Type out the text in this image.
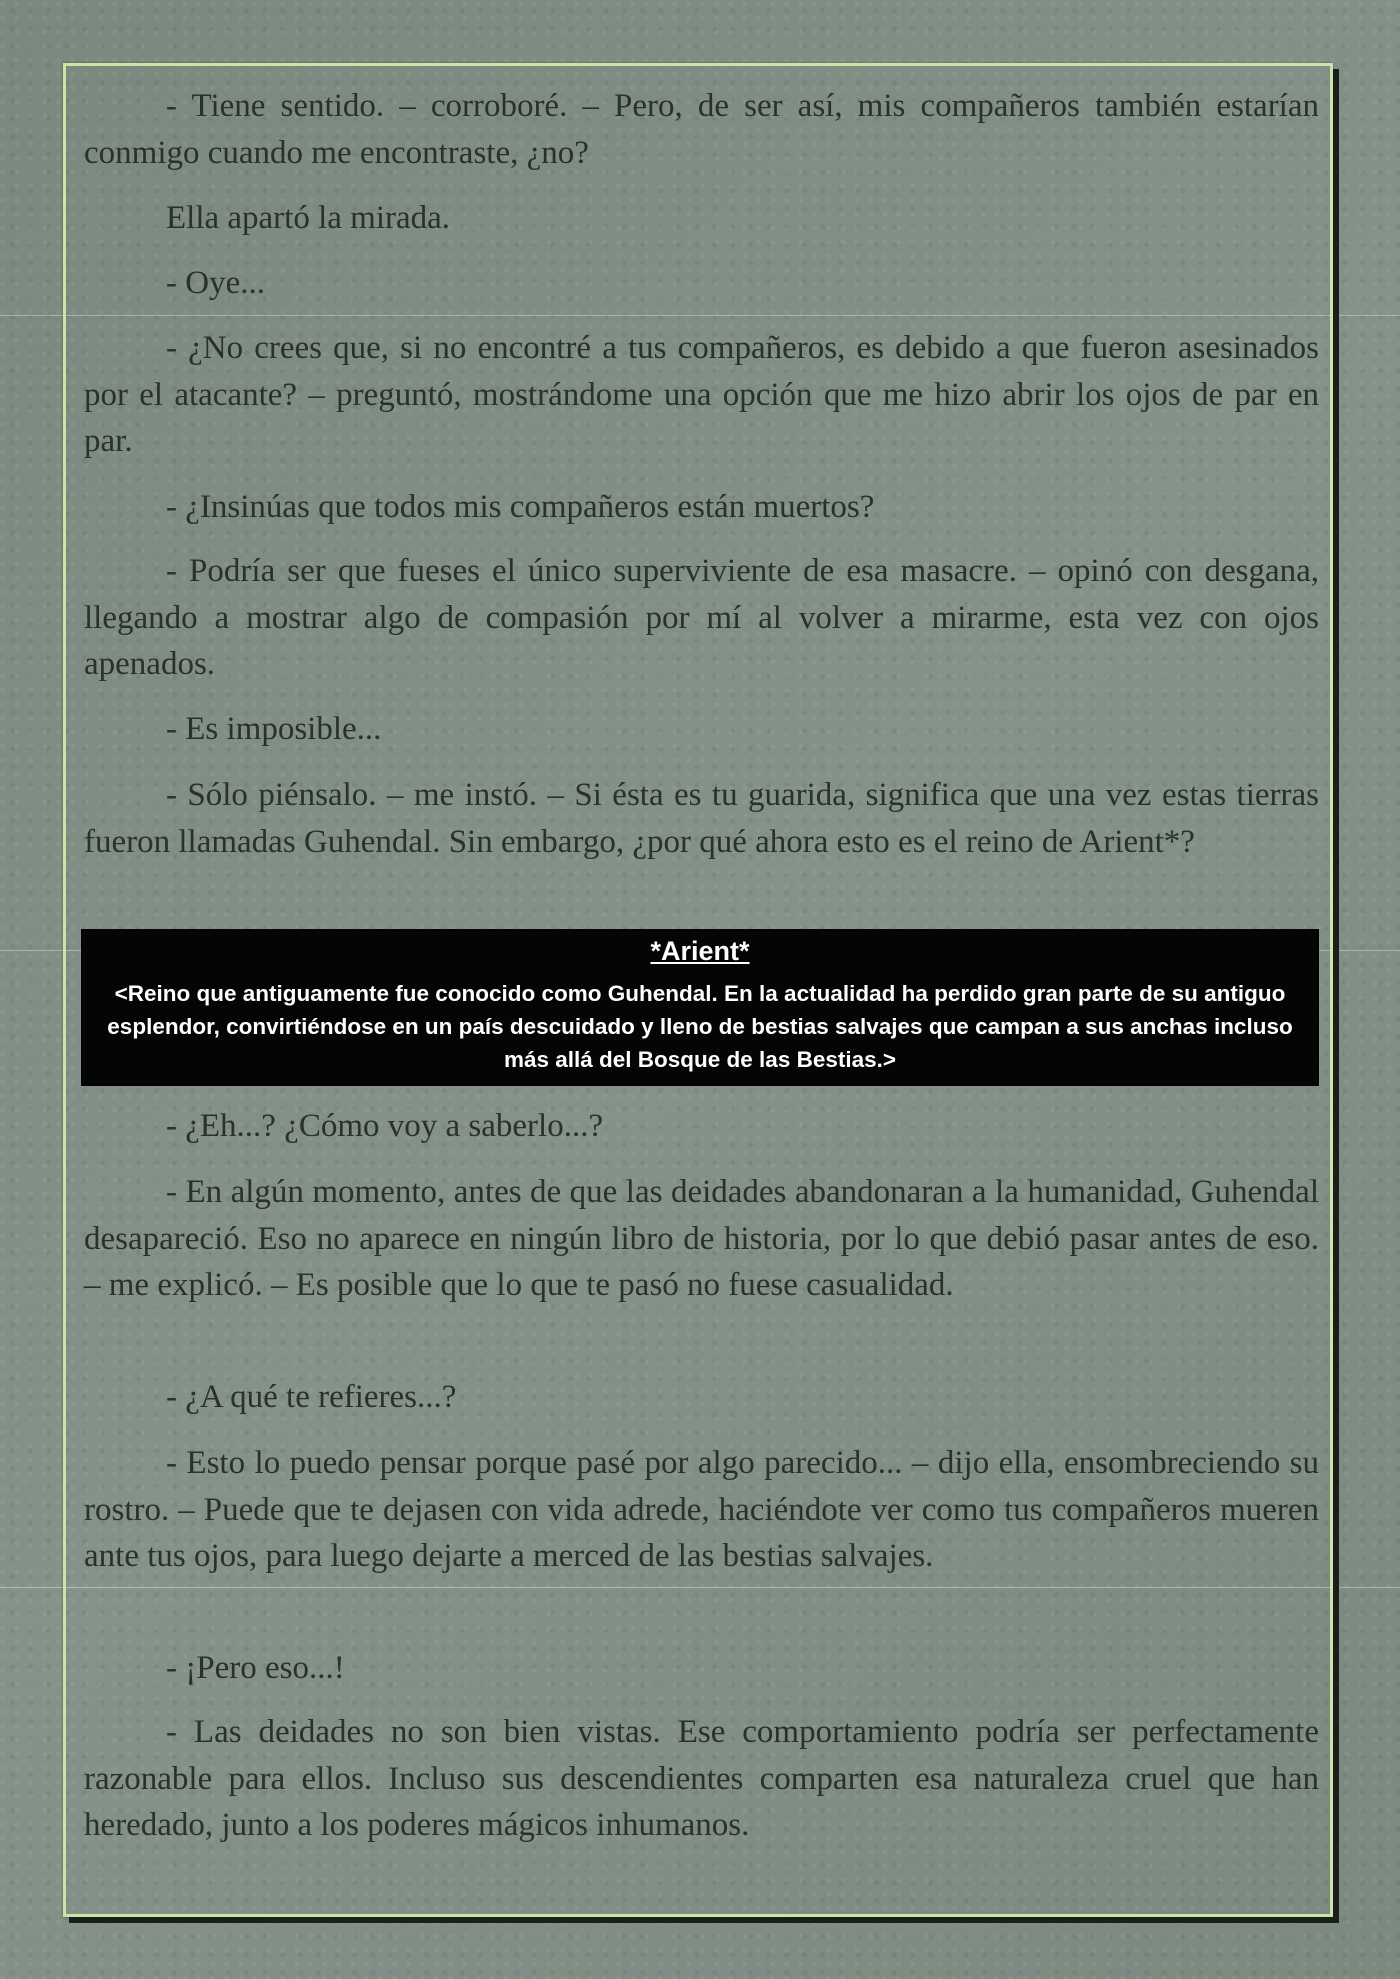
- Tiene sentido. – corroboré. – Pero, de ser así, mis compañeros también estarían conmigo cuando me encontraste, ¿no?

Ella apartó la mirada.

- Oye...

- ¿No crees que, si no encontré a tus compañeros, es debido a que fueron asesinados por el atacante? – preguntó, mostrándome una opción que me hizo abrir los ojos de par en par.

- ¿Insinúas que todos mis compañeros están muertos?

- Podría ser que fueses el único superviviente de esa masacre. – opinó con desgana, llegando a mostrar algo de compasión por mí al volver a mirarme, esta vez con ojos apenados.

- Es imposible...

- Sólo piénsalo. – me instó. – Si ésta es tu guarida, significa que una vez estas tierras fueron llamadas Guhendal. Sin embargo, ¿por qué ahora esto es el reino de Arient*?

*Arient*

<Reino que antiguamente fue conocido como Guhendal. En la actualidad ha perdido gran parte de su antiguo esplendor, convirtiéndose en un país descuidado y lleno de bestias salvajes que campan a sus anchas incluso más allá del Bosque de las Bestias.>

- ¿Eh...? ¿Cómo voy a saberlo...?

- En algún momento, antes de que las deidades abandonaran a la humanidad, Guhendal desapareció. Eso no aparece en ningún libro de historia, por lo que debió pasar antes de eso. – me explicó. – Es posible que lo que te pasó no fuese casualidad.

- ¿A qué te refieres...?

- Esto lo puedo pensar porque pasé por algo parecido... – dijo ella, ensombreciendo su rostro. – Puede que te dejasen con vida adrede, haciéndote ver como tus compañeros mueren ante tus ojos, para luego dejarte a merced de las bestias salvajes.

- ¡Pero eso...!

- Las deidades no son bien vistas. Ese comportamiento podría ser perfectamente razonable para ellos. Incluso sus descendientes comparten esa naturaleza cruel que han heredado, junto a los poderes mágicos inhumanos.
